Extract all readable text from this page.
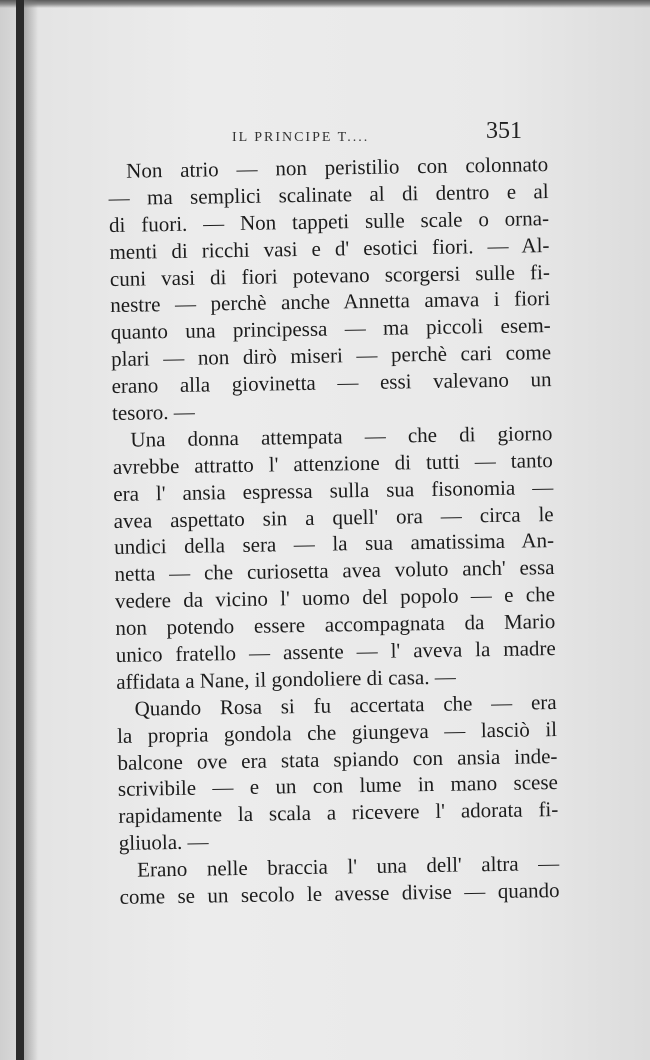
IL PRINCIPE T....	351
Non atrio — non peristilio con colonnato
— ma semplici scalinate al di dentro e al
di fuori. — Non tappeti sulle scale o orna-
menti di ricchi vasi e d' esotici fiori. — Al-
cuni vasi di fiori potevano scorgersi sulle fi-
nestre — perchè anche Annetta amava i fiori
quanto una principessa — ma piccoli esem-
plari — non dirò miseri — perchè cari come
erano alla giovinetta — essi valevano un
tesoro. —
Una donna attempata — che di giorno
avrebbe attratto l' attenzione di tutti — tanto
era l' ansia espressa sulla sua fisonomia —
avea aspettato sin a quell' ora — circa le
undici della sera — la sua amatissima An-
netta — che curiosetta avea voluto anch' essa
vedere da vicino l' uomo del popolo — e che
non potendo essere accompagnata da Mario
unico fratello — assente — l' aveva la madre
affidata a Nane, il gondoliere di casa. —
Quando Rosa si fu accertata che — era
la propria gondola che giungeva — lasciò il
balcone ove era stata spiando con ansia inde-
scrivibile — e un con lume in mano scese
rapidamente la scala a ricevere l' adorata fi-
gliuola. —
Erano nelle braccia l' una dell' altra —
come se un secolo le avesse divise — quando
